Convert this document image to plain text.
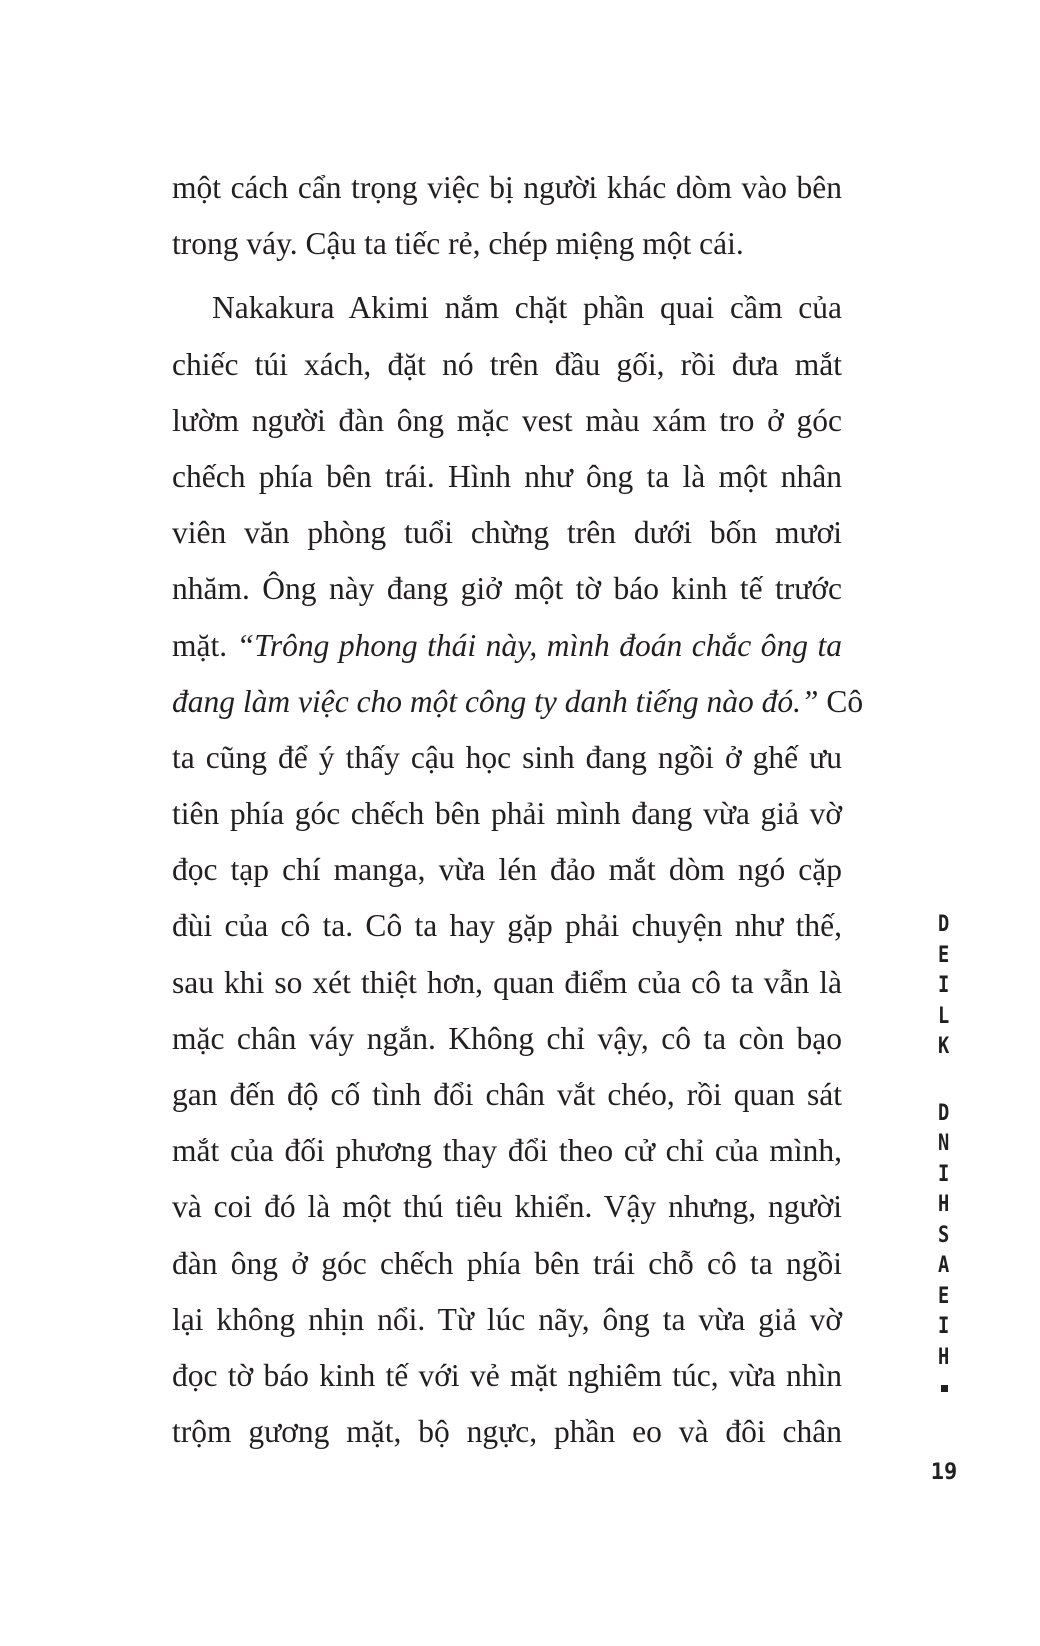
một cách cẩn trọng việc bị người khác dòm vào bên
trong váy. Cậu ta tiếc rẻ, chép miệng một cái.
Nakakura Akimi nắm chặt phần quai cầm của
chiếc túi xách, đặt nó trên đầu gối, rồi đưa mắt
lườm người đàn ông mặc vest màu xám tro ở góc
chếch phía bên trái. Hình như ông ta là một nhân
viên văn phòng tuổi chừng trên dưới bốn mươi
nhăm. Ông này đang giở một tờ báo kinh tế trước
mặt. “Trông phong thái này, mình đoán chắc ông ta
đang làm việc cho một công ty danh tiếng nào đó.” Cô
ta cũng để ý thấy cậu học sinh đang ngồi ở ghế ưu
tiên phía góc chếch bên phải mình đang vừa giả vờ
đọc tạp chí manga, vừa lén đảo mắt dòm ngó cặp
đùi của cô ta. Cô ta hay gặp phải chuyện như thế,
sau khi so xét thiệt hơn, quan điểm của cô ta vẫn là
mặc chân váy ngắn. Không chỉ vậy, cô ta còn bạo
gan đến độ cố tình đổi chân vắt chéo, rồi quan sát
mắt của đối phương thay đổi theo cử chỉ của mình,
và coi đó là một thú tiêu khiển. Vậy nhưng, người
đàn ông ở góc chếch phía bên trái chỗ cô ta ngồi
lại không nhịn nổi. Từ lúc nãy, ông ta vừa giả vờ
đọc tờ báo kinh tế với vẻ mặt nghiêm túc, vừa nhìn
trộm gương mặt, bộ ngực, phần eo và đôi chân
D
E
I
L
K
D
N
I
H
S
A
E
I
H
19
